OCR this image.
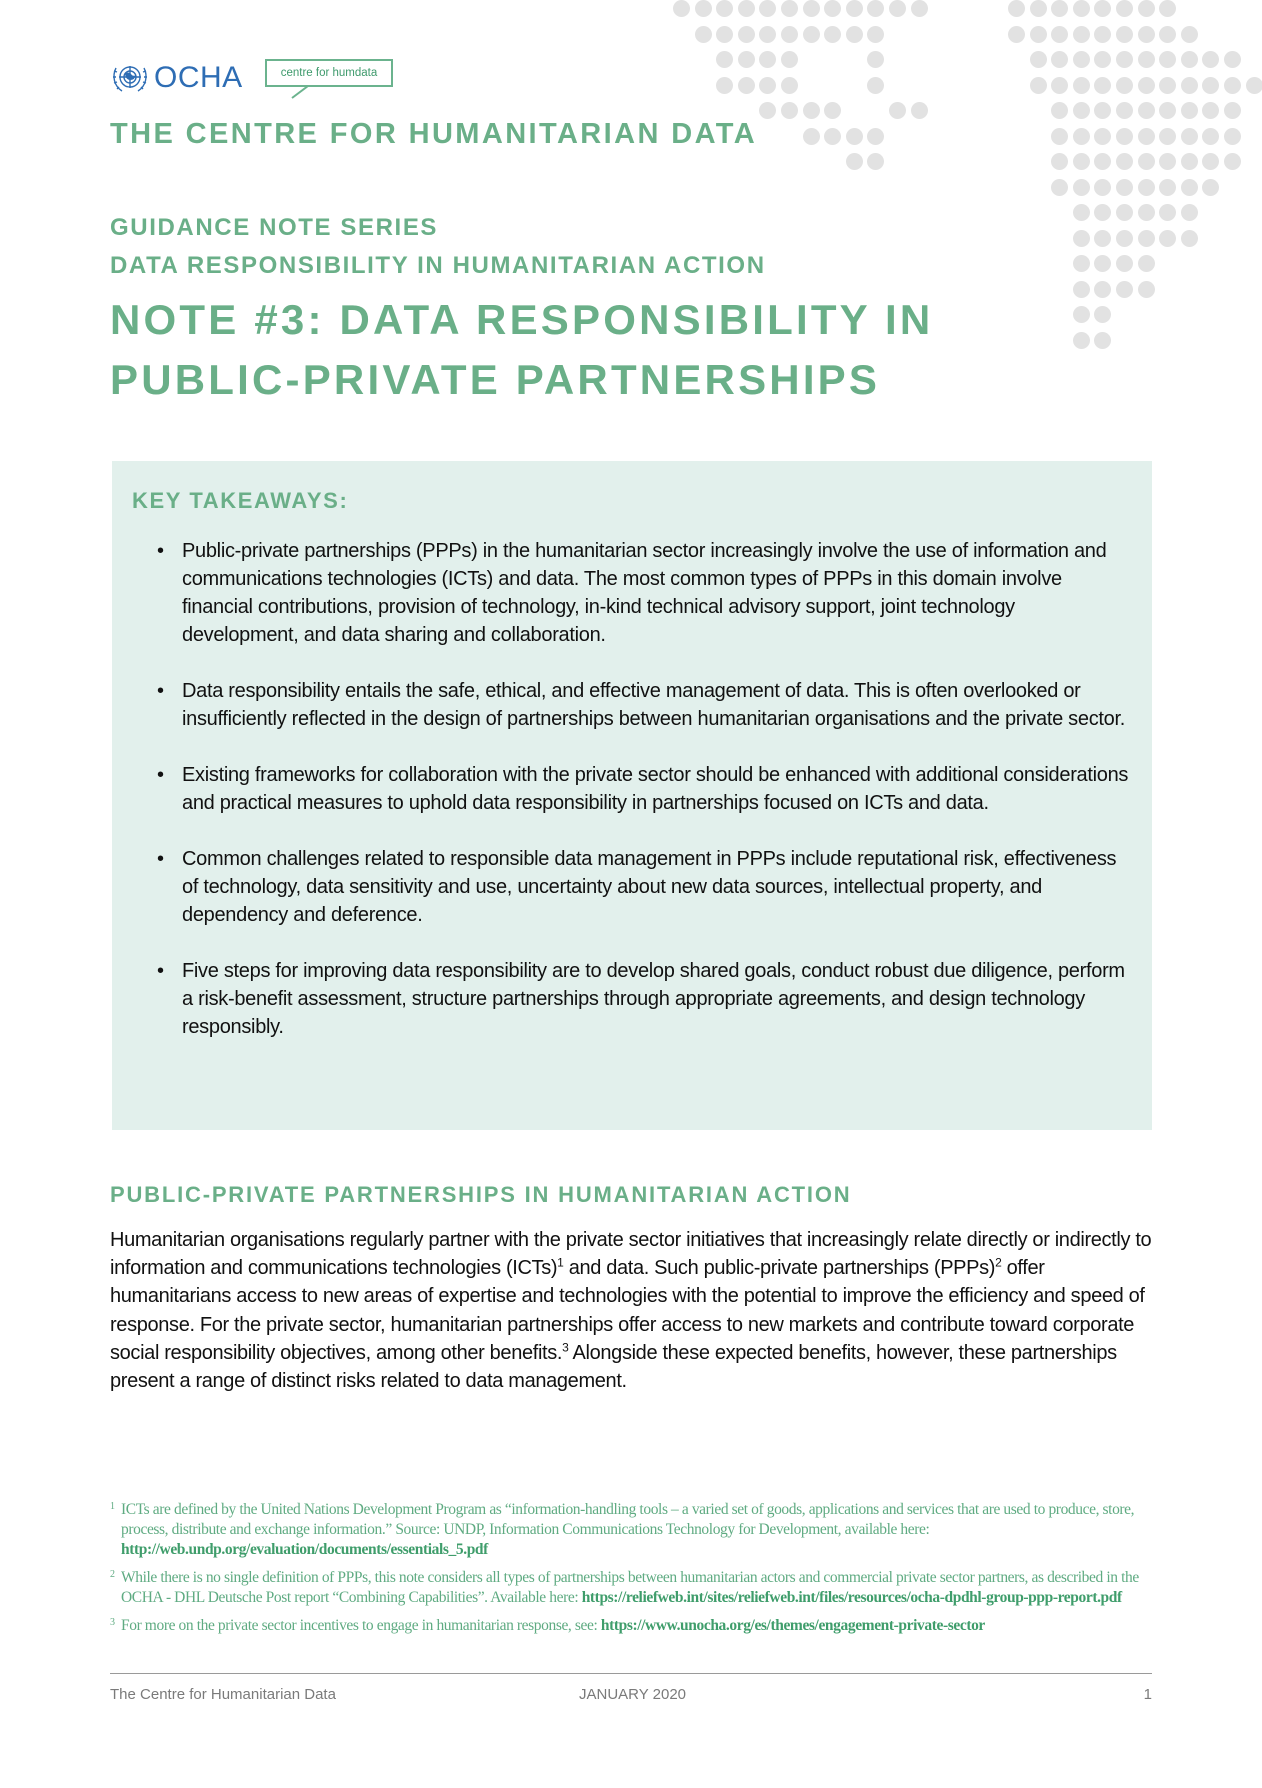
OCHA	centre for humdata
THE CENTRE FOR HUMANITARIAN DATA
GUIDANCE NOTE SERIES
DATA RESPONSIBILITY IN HUMANITARIAN ACTION
NOTE #3: DATA RESPONSIBILITY IN
PUBLIC-PRIVATE PARTNERSHIPS
KEY TAKEAWAYS:
• Public-private partnerships (PPPs) in the humanitarian sector increasingly involve the use of information and communications technologies (ICTs) and data. The most common types of PPPs in this domain involve financial contributions, provision of technology, in-kind technical advisory support, joint technology development, and data sharing and collaboration.
• Data responsibility entails the safe, ethical, and effective management of data. This is often overlooked or insufficiently reflected in the design of partnerships between humanitarian organisations and the private sector.
• Existing frameworks for collaboration with the private sector should be enhanced with additional considerations and practical measures to uphold data responsibility in partnerships focused on ICTs and data.
• Common challenges related to responsible data management in PPPs include reputational risk, effectiveness of technology, data sensitivity and use, uncertainty about new data sources, intellectual property, and dependency and deference.
• Five steps for improving data responsibility are to develop shared goals, conduct robust due diligence, perform a risk-benefit assessment, structure partnerships through appropriate agreements, and design technology responsibly.
PUBLIC-PRIVATE PARTNERSHIPS IN HUMANITARIAN ACTION

Humanitarian organisations regularly partner with the private sector initiatives that increasingly relate directly or indirectly to information and communications technologies (ICTs)$^1$ and data. Such public-private partnerships (PPPs)$^2$ offer humanitarians access to new areas of expertise and technologies with the potential to improve the efficiency and speed of response. For the private sector, humanitarian partnerships offer access to new markets and contribute toward corporate social responsibility objectives, among other benefits.$^3$ Alongside these expected benefits, however, these partnerships present a range of distinct risks related to data management.

1 ICTs are defined by the United Nations Development Program as “information-handling tools – a varied set of goods, applications and services that are used to produce, store, process, distribute and exchange information.” Source: UNDP, Information Communications Technology for Development, available here: http://web.undp.org/evaluation/documents/essentials_5.pdf
2 While there is no single definition of PPPs, this note considers all types of partnerships between humanitarian actors and commercial private sector partners, as described in the OCHA - DHL Deutsche Post report “Combining Capabilities”. Available here: https://reliefweb.int/sites/reliefweb.int/files/resources/ocha-dpdhl-group-ppp-report.pdf
3 For more on the private sector incentives to engage in humanitarian response, see: https://www.unocha.org/es/themes/engagement-private-sector
The Centre for Humanitarian Data	JANUARY 2020	1
